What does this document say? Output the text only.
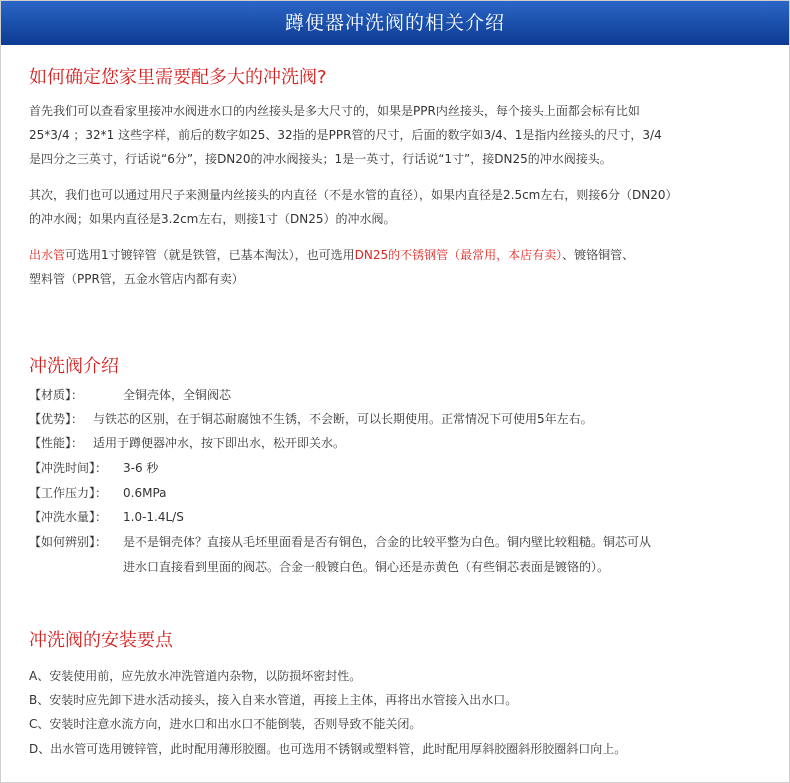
蹲便器冲洗阀的相关介绍
如何确定您家里需要配多大的冲洗阀?
首先我们可以查看家里接冲水阀进水口的内丝接头是多大尺寸的，如果是PPR内丝接头，每个接头上面都会标有比如
25*3/4 ；32*1 这些字样，前后的数字如25、32指的是PPR管的尺寸，后面的数字如3/4、1是指内丝接头的尺寸，3/4
是四分之三英寸，行话说“6分”，接DN20的冲水阀接头；1是一英寸，行话说“1寸”，接DN25的冲水阀接头。
其次，我们也可以通过用尺子来测量内丝接头的内直径（不是水管的直径），如果内直径是2.5cm左右，则接6分（DN20）
的冲水阀；如果内直径是3.2cm左右，则接1寸（DN25）的冲水阀。
出水管可选用1寸镀锌管（就是铁管，已基本淘汰），也可选用DN25的不锈钢管（最常用，本店有卖）、镀铬铜管、
塑料管（PPR管，五金水管店内都有卖）
冲洗阀介绍
【材质】：	全铜壳体，全铜阀芯
【优势】： 与铁芯的区别，在于铜芯耐腐蚀不生锈，不会断，可以长期使用。正常情况下可使用5年左右。
【性能】： 适用于蹲便器冲水，按下即出水，松开即关水。
【冲洗时间】： 3-6 秒
【工作压力】： 0.6MPa
【冲洗水量】： 1.0-1.4L/S
【如何辨别】： 是不是铜壳体？直接从毛坯里面看是否有铜色，合金的比较平整为白色。铜内壁比较粗糙。铜芯可从
进水口直接看到里面的阀芯。合金一般镀白色。铜心还是赤黄色（有些铜芯表面是镀铬的）。
冲洗阀的安装要点
A、安装使用前，应先放水冲洗管道内杂物，以防损坏密封性。
B、安装时应先卸下进水活动接头，接入自来水管道，再接上主体，再将出水管接入出水口。
C、安装时注意水流方向，进水口和出水口不能倒装，否则导致不能关闭。
D、出水管可选用镀锌管，此时配用薄形胶圈。也可选用不锈钢或塑料管，此时配用厚斜胶圈斜形胶圈斜口向上。
